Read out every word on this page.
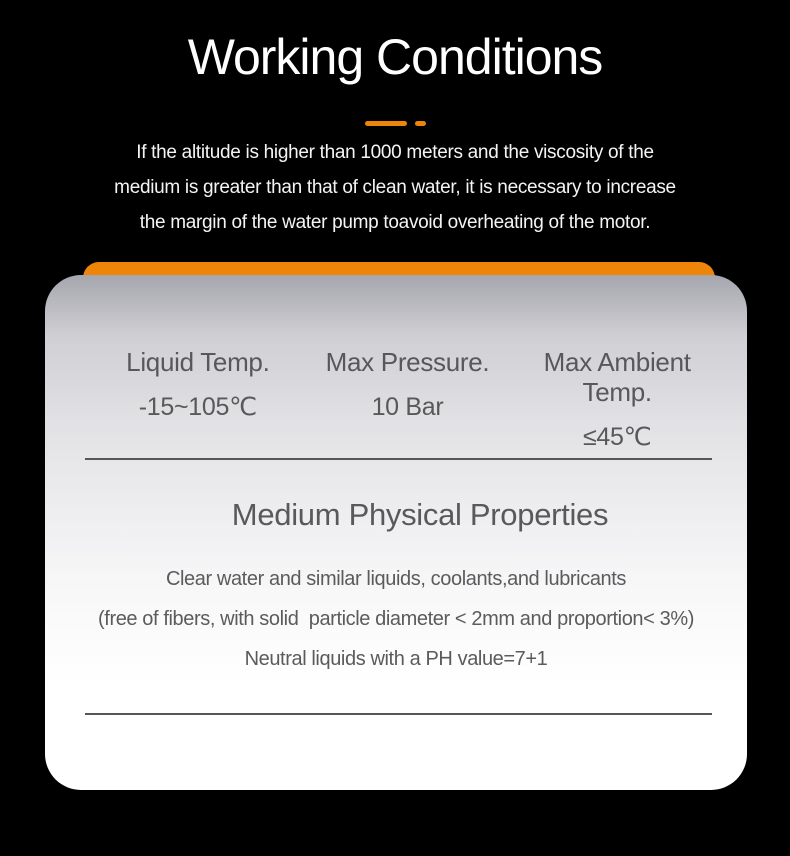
Working Conditions
If the altitude is higher than 1000 meters and the viscosity of the
medium is greater than that of clean water, it is necessary to increase
the margin of the water pump toavoid overheating of the motor.
Liquid Temp.
-15~105℃
Max Pressure.
10 Bar
Max Ambient Temp.
≤45℃
Medium Physical Properties
Clear water and similar liquids, coolants,and lubricants
(free of fibers, with solid  particle diameter < 2mm and proportion< 3%)
Neutral liquids with a PH value=7+1
